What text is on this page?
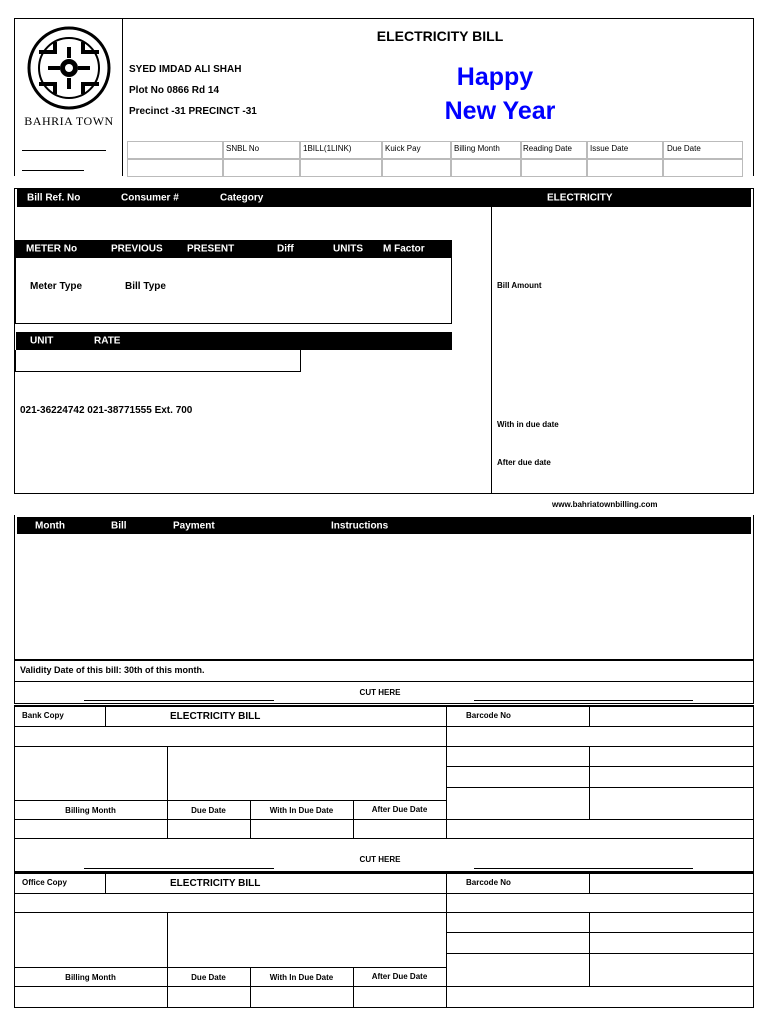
BAHRIA TOWN
ELECTRICITY BILL
SYED IMDAD ALI SHAH
Plot No 0866 Rd 14
Precinct -31 PRECINCT -31
Happy
New Year
SNBL No	1BILL(1LINK)	Kuick Pay	Billing Month	Reading Date Issue Date	Due Date
Bill Ref. No	Consumer #	Category	ELECTRICITY
METER No	PREVIOUS PRESENT	Diff	UNITS M Factor
Meter Type	Bill Type	Bill Amount
UNIT	RATE
021-36224742 021-38771555 Ext. 700
With in due date
After due date
www.bahriatownbilling.com
Month	Bill	Payment	Instructions
Validity Date of this bill: 30th of this month.
CUT HERE
Bank Copy	ELECTRICITY BILL	Barcode No
Billing Month	Due Date	With In Due Date	After Due Date
CUT HERE
Office Copy	ELECTRICITY BILL	Barcode No
Billing Month	Due Date	With In Due Date	After Due Date
